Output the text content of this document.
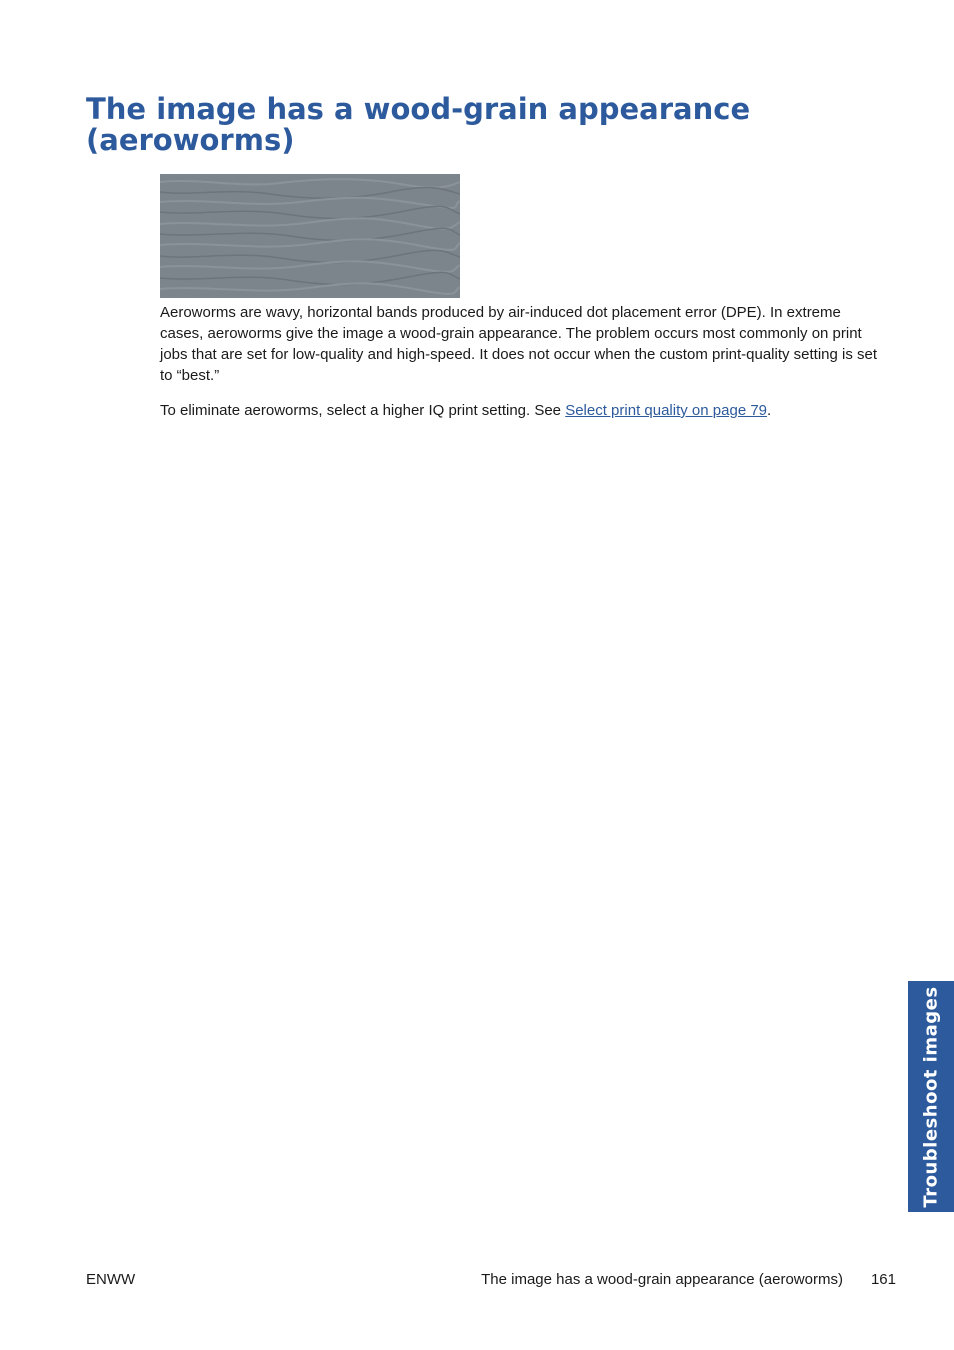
The image has a wood-grain appearance (aeroworms)

Aeroworms are wavy, horizontal bands produced by air-induced dot placement error (DPE). In extreme cases, aeroworms give the image a wood-grain appearance. The problem occurs most commonly on print jobs that are set for low-quality and high-speed. It does not occur when the custom print-quality setting is set to “best.”

To eliminate aeroworms, select a higher IQ print setting. See Select print quality on page 79.

Troubleshoot images
ENWW	The image has a wood-grain appearance (aeroworms) 161
